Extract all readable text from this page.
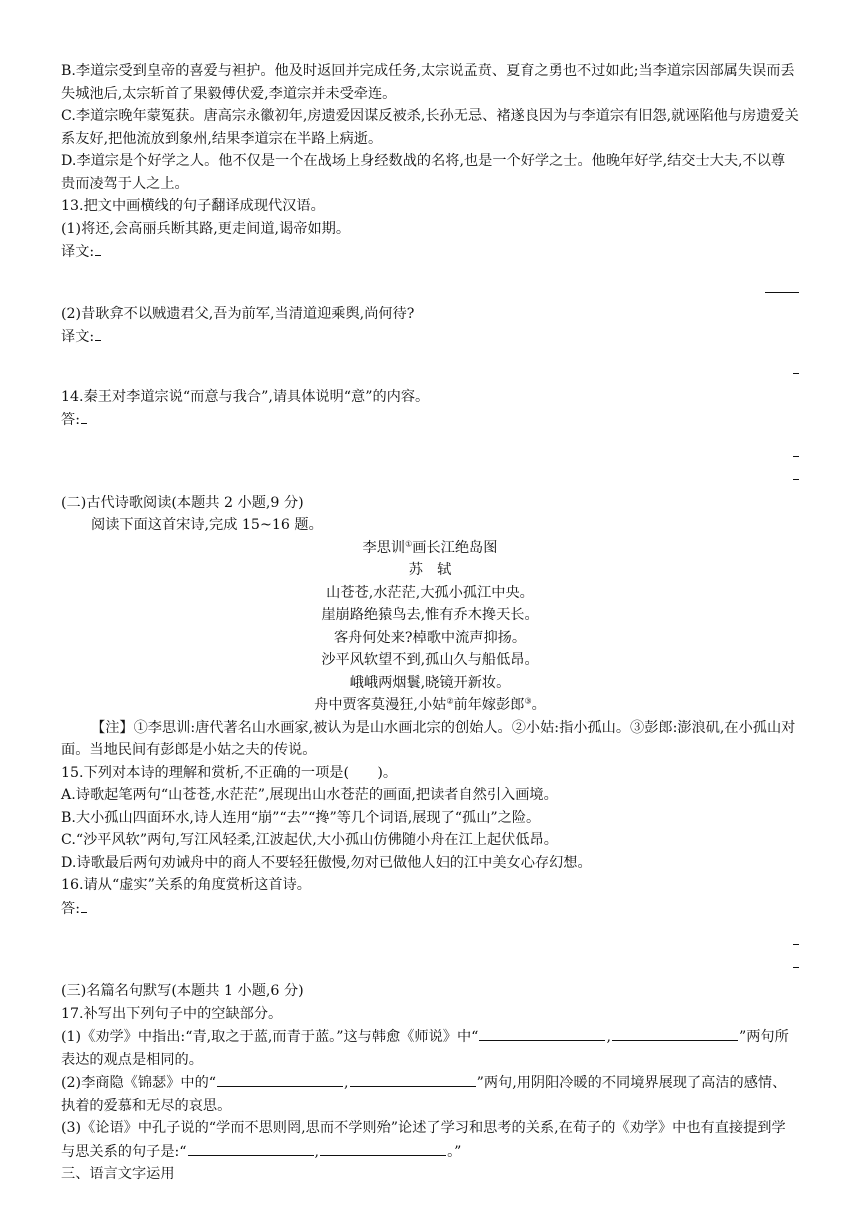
B.李道宗受到皇帝的喜爱与袒护。他及时返回并完成任务,太宗说孟贲、夏育之勇也不过如此;当李道宗因部属失误而丢失城池后,太宗斩首了果毅傅伏爱,李道宗并未受牵连。

C.李道宗晚年蒙冤获。唐高宗永徽初年,房遗爱因谋反被杀,长孙无忌、褚遂良因为与李道宗有旧怨,就诬陷他与房遗爱关系友好,把他流放到象州,结果李道宗在半路上病逝。

D.李道宗是个好学之人。他不仅是一个在战场上身经数战的名将,也是一个好学之士。他晚年好学,结交士大夫,不以尊贵而凌驾于人之上。

13.把文中画横线的句子翻译成现代汉语。

(1)将还,会高丽兵断其路,更走间道,谒帝如期。

译文:

(2)昔耿弇不以贼遗君父,吾为前军,当清道迎乘舆,尚何待?

译文:

14.秦王对李道宗说“而意与我合”,请具体说明“意”的内容。

答:

(二)古代诗歌阅读(本题共 2 小题,9 分)

阅读下面这首宋诗,完成 15~16 题。

李思训①画长江绝岛图

苏　轼

山苍苍,水茫茫,大孤小孤江中央。

崖崩路绝猿鸟去,惟有乔木搀天长。

客舟何处来?棹歌中流声抑扬。

沙平风软望不到,孤山久与船低昂。

峨峨两烟鬟,晓镜开新妆。

舟中贾客莫漫狂,小姑②前年嫁彭郎③。

【注】①李思训:唐代著名山水画家,被认为是山水画北宗的创始人。②小姑:指小孤山。③彭郎:澎浪矶,在小孤山对面。当地民间有彭郎是小姑之夫的传说。

15.下列对本诗的理解和赏析,不正确的一项是(　　)。

A.诗歌起笔两句“山苍苍,水茫茫”,展现出山水苍茫的画面,把读者自然引入画境。

B.大小孤山四面环水,诗人连用“崩”“去”“搀”等几个词语,展现了“孤山”之险。

C.“沙平风软”两句,写江风轻柔,江波起伏,大小孤山仿佛随小舟在江上起伏低昂。

D.诗歌最后两句劝诫舟中的商人不要轻狂傲慢,勿对已做他人妇的江中美女心存幻想。

16.请从“虚实”关系的角度赏析这首诗。

答:

(三)名篇名句默写(本题共 1 小题,6 分)

17.补写出下列句子中的空缺部分。

(1)《劝学》中指出:“青,取之于蓝,而青于蓝。”这与韩愈《师说》中“	,	”两句所表达的观点是相同的。

(2)李商隐《锦瑟》中的“	,	”两句,用阴阳冷暖的不同境界展现了高洁的感情、执着的爱慕和无尽的哀思。

(3)《论语》中孔子说的“学而不思则罔,思而不学则殆”论述了学习和思考的关系,在荀子的《劝学》中也有直接提到学与思关系的句子是:“	,	。”

三、语言文字运用
